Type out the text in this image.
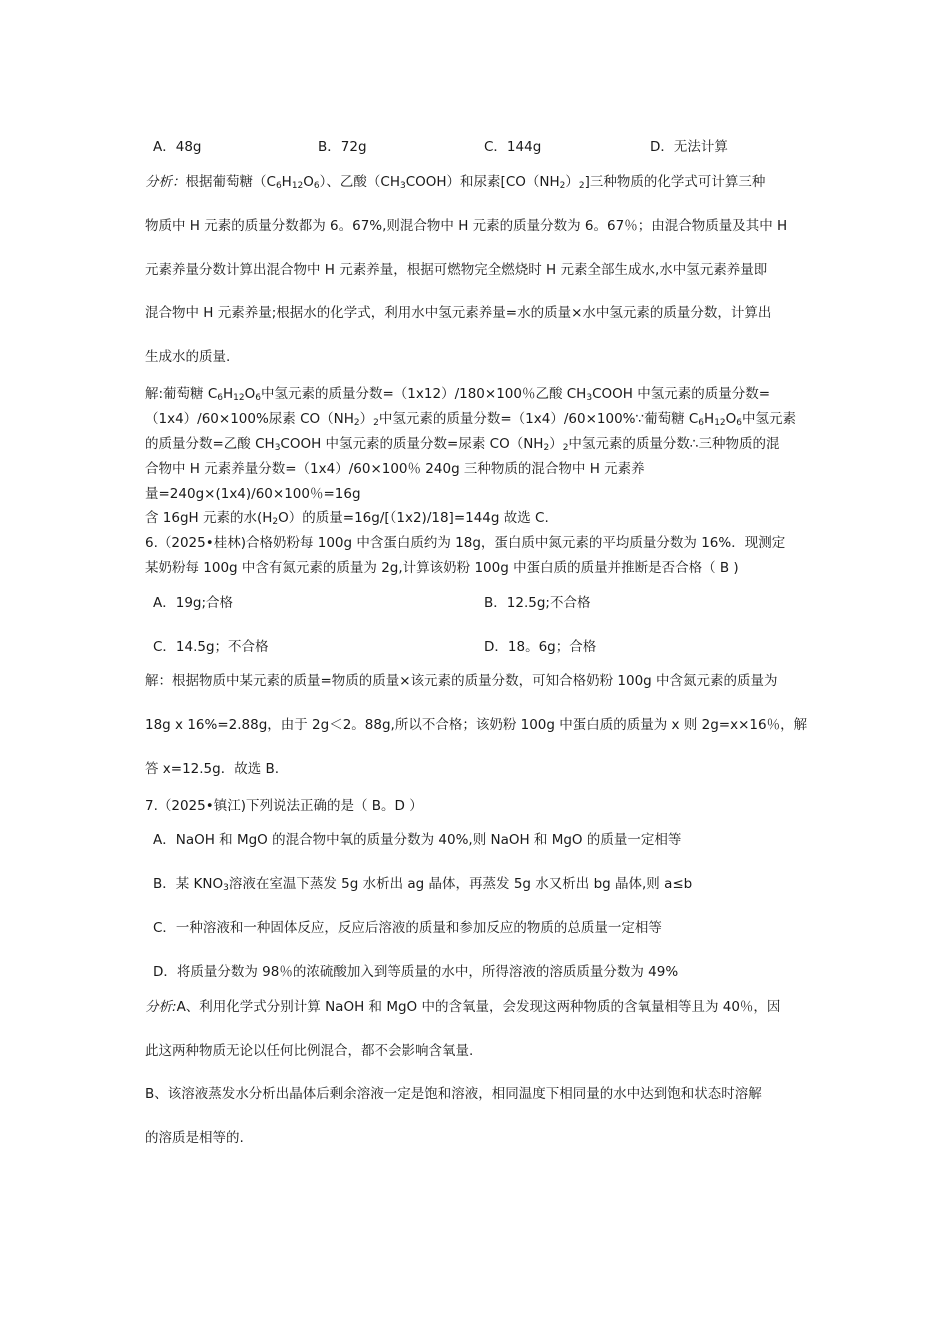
A．48g	B．72g	C．144g	D．无法计算
分析：根据葡萄糖$(C_6H_{12}O_6)$、乙酸$(CH_3COOH)$和尿素$[CO(NH_2)_2]$三种物质的化学式可计算三种
物质中 H 元素的质量分数都为 6。67%,则混合物中 H 元素的质量分数为 6。67％；由混合物质量及其中 H
元素养量分数计算出混合物中 H 元素养量，根据可燃物完全燃烧时 H 元素全部生成水,水中氢元素养量即
混合物中 H 元素养量;根据水的化学式，利用水中氢元素养量=水的质量×水中氢元素的质量分数，计算出
生成水的质量.
解:葡萄糖 $C_6H_{12}O_6$中氢元素的质量分数=（1x12）/180×100％乙酸 $CH_3COOH$ 中氢元素的质量分数=
（1x4）/60×100%尿素 $CO(NH_2)_2$中氢元素的质量分数=（1x4）/60×100%∵葡萄糖 $C_6H_{12}O_6$中氢元素
的质量分数=乙酸 $CH_3COOH$ 中氢元素的质量分数=尿素 $CO(NH_2)_2$中氢元素的质量分数∴三种物质的混
合物中 H 元素养量分数=（1x4）/60×100％ 240g 三种物质的混合物中 H 元素养
量=240g×(1x4)/60×100％=16g
含 16gH 元素的水$(H_2O)$的质量=16g/[（1x2)/18]=144g 故选 C.
6.（2025•桂林)合格奶粉每 100g 中含蛋白质约为 18g，蛋白质中氮元素的平均质量分数为 16%．现测定
某奶粉每 100g 中含有氮元素的质量为 2g,计算该奶粉 100g 中蛋白质的质量并推断是否合格（ B )
A．19g;合格	B．12.5g;不合格
C．14.5g；不合格	D．18。6g；合格
解：根据物质中某元素的质量=物质的质量×该元素的质量分数，可知合格奶粉 100g 中含氮元素的质量为
18g x 16%=2.88g，由于 2g＜2。88g,所以不合格；该奶粉 100g 中蛋白质的质量为 x 则 2g=x×16％，解
答 x=12.5g．故选 B.
7.（2025•镇江)下列说法正确的是（ B。D ）
A．NaOH 和 MgO 的混合物中氧的质量分数为 40%,则 NaOH 和 MgO 的质量一定相等
B．某 $KNO_3$溶液在室温下蒸发 5g 水析出 ag 晶体，再蒸发 5g 水又析出 bg 晶体,则 a≤b
C．一种溶液和一种固体反应，反应后溶液的质量和参加反应的物质的总质量一定相等
D．将质量分数为 98％的浓硫酸加入到等质量的水中，所得溶液的溶质质量分数为 49%
分析:A、利用化学式分别计算 NaOH 和 MgO 中的含氧量，会发现这两种物质的含氧量相等且为 40％，因
此这两种物质无论以任何比例混合，都不会影响含氧量.
B、该溶液蒸发水分析出晶体后剩余溶液一定是饱和溶液，相同温度下相同量的水中达到饱和状态时溶解
的溶质是相等的.
